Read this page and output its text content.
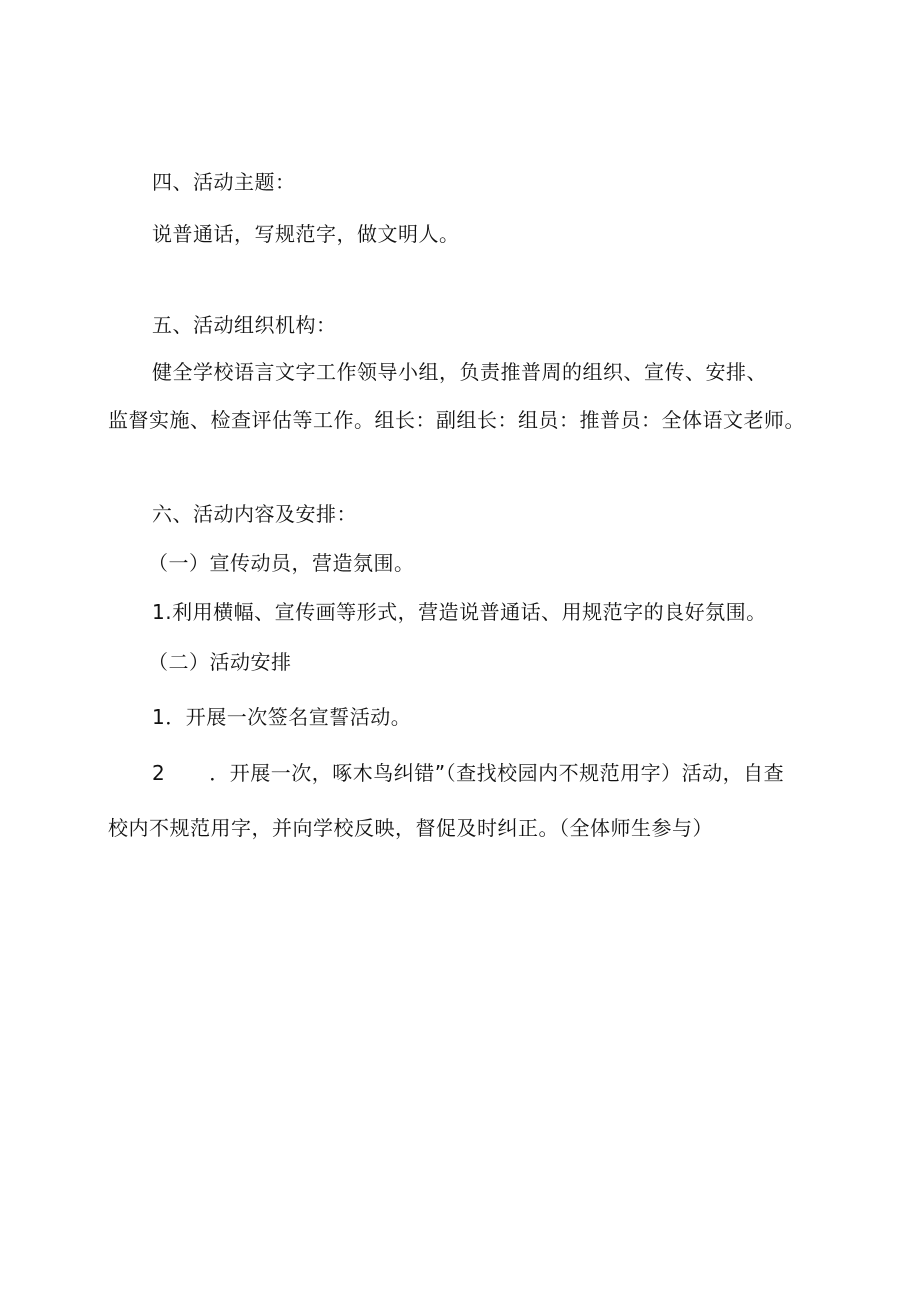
四、活动主题：
说普通话，写规范字，做文明人。
五、活动组织机构：
健全学校语言文字工作领导小组，负责推普周的组织、宣传、安排、
监督实施、检查评估等工作。组长：副组长：组员：推普员：全体语文老师。
六、活动内容及安排：
（一）宣传动员，营造氛围。
1.利用横幅、宣传画等形式，营造说普通话、用规范字的良好氛围。
（二）活动安排
1．开展一次签名宣誓活动。
2 ．开展一次，啄木鸟纠错”（查找校园内不规范用字）活动，自查
校内不规范用字，并向学校反映，督促及时纠正。（全体师生参与）
